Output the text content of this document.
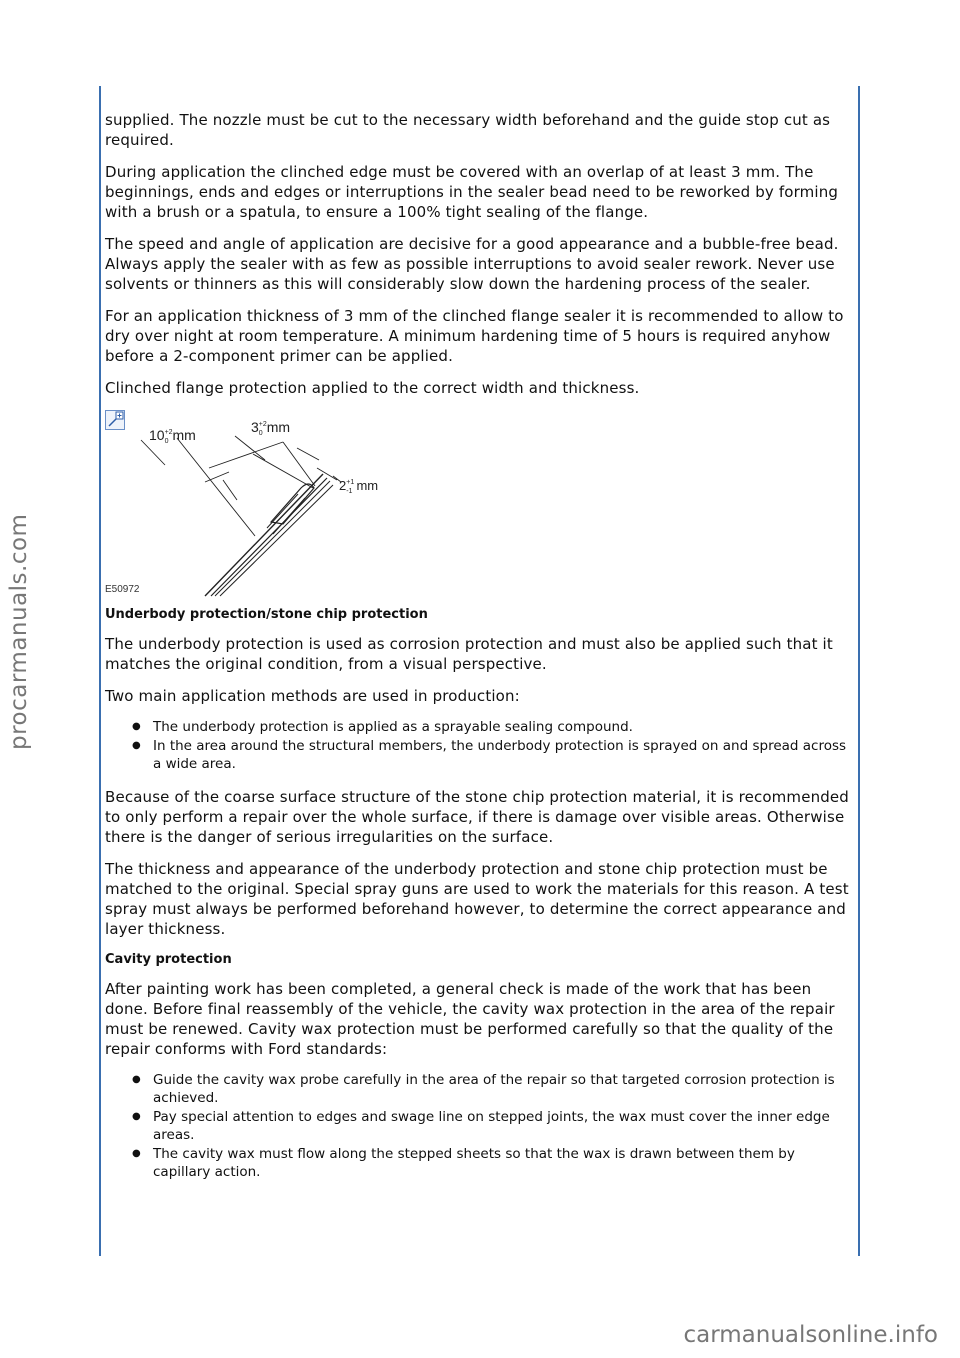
procarmanuals.com

supplied. The nozzle must be cut to the necessary width beforehand and the guide stop cut as required.

During application the clinched edge must be covered with an overlap of at least 3 mm. The beginnings, ends and edges or interruptions in the sealer bead need to be reworked by forming with a brush or a spatula, to ensure a 100% tight sealing of the flange.

The speed and angle of application are decisive for a good appearance and a bubble-free bead. Always apply the sealer with as few as possible interruptions to avoid sealer rework. Never use solvents or thinners as this will considerably slow down the hardening process of the sealer.

For an application thickness of 3 mm of the clinched flange sealer it is recommended to allow to dry over night at room temperature. A minimum hardening time of 5 hours is required anyhow before a 2-component primer can be applied.

Clinched flange protection applied to the correct width and thickness.

$10^{+2}$ 0 mm	$3^{+2}$ 0 mm
$2^{+1}$ -1 mm
E50972
Underbody protection/stone chip protection

The underbody protection is used as corrosion protection and must also be applied such that it matches the original condition, from a visual perspective.

Two main application methods are used in production:

● The underbody protection is applied as a sprayable sealing compound.
● In the area around the structural members, the underbody protection is sprayed on and spread across a wide area.

Because of the coarse surface structure of the stone chip protection material, it is recommended to only perform a repair over the whole surface, if there is damage over visible areas. Otherwise there is the danger of serious irregularities on the surface.

The thickness and appearance of the underbody protection and stone chip protection must be matched to the original. Special spray guns are used to work the materials for this reason. A test spray must always be performed beforehand however, to determine the correct appearance and layer thickness.

Cavity protection

After painting work has been completed, a general check is made of the work that has been done. Before final reassembly of the vehicle, the cavity wax protection in the area of the repair must be renewed. Cavity wax protection must be performed carefully so that the quality of the repair conforms with Ford standards:

● Guide the cavity wax probe carefully in the area of the repair so that targeted corrosion protection is achieved.
● Pay special attention to edges and swage line on stepped joints, the wax must cover the inner edge areas.
● The cavity wax must flow along the stepped sheets so that the wax is drawn between them by capillary action.
carmanualsonline.info
